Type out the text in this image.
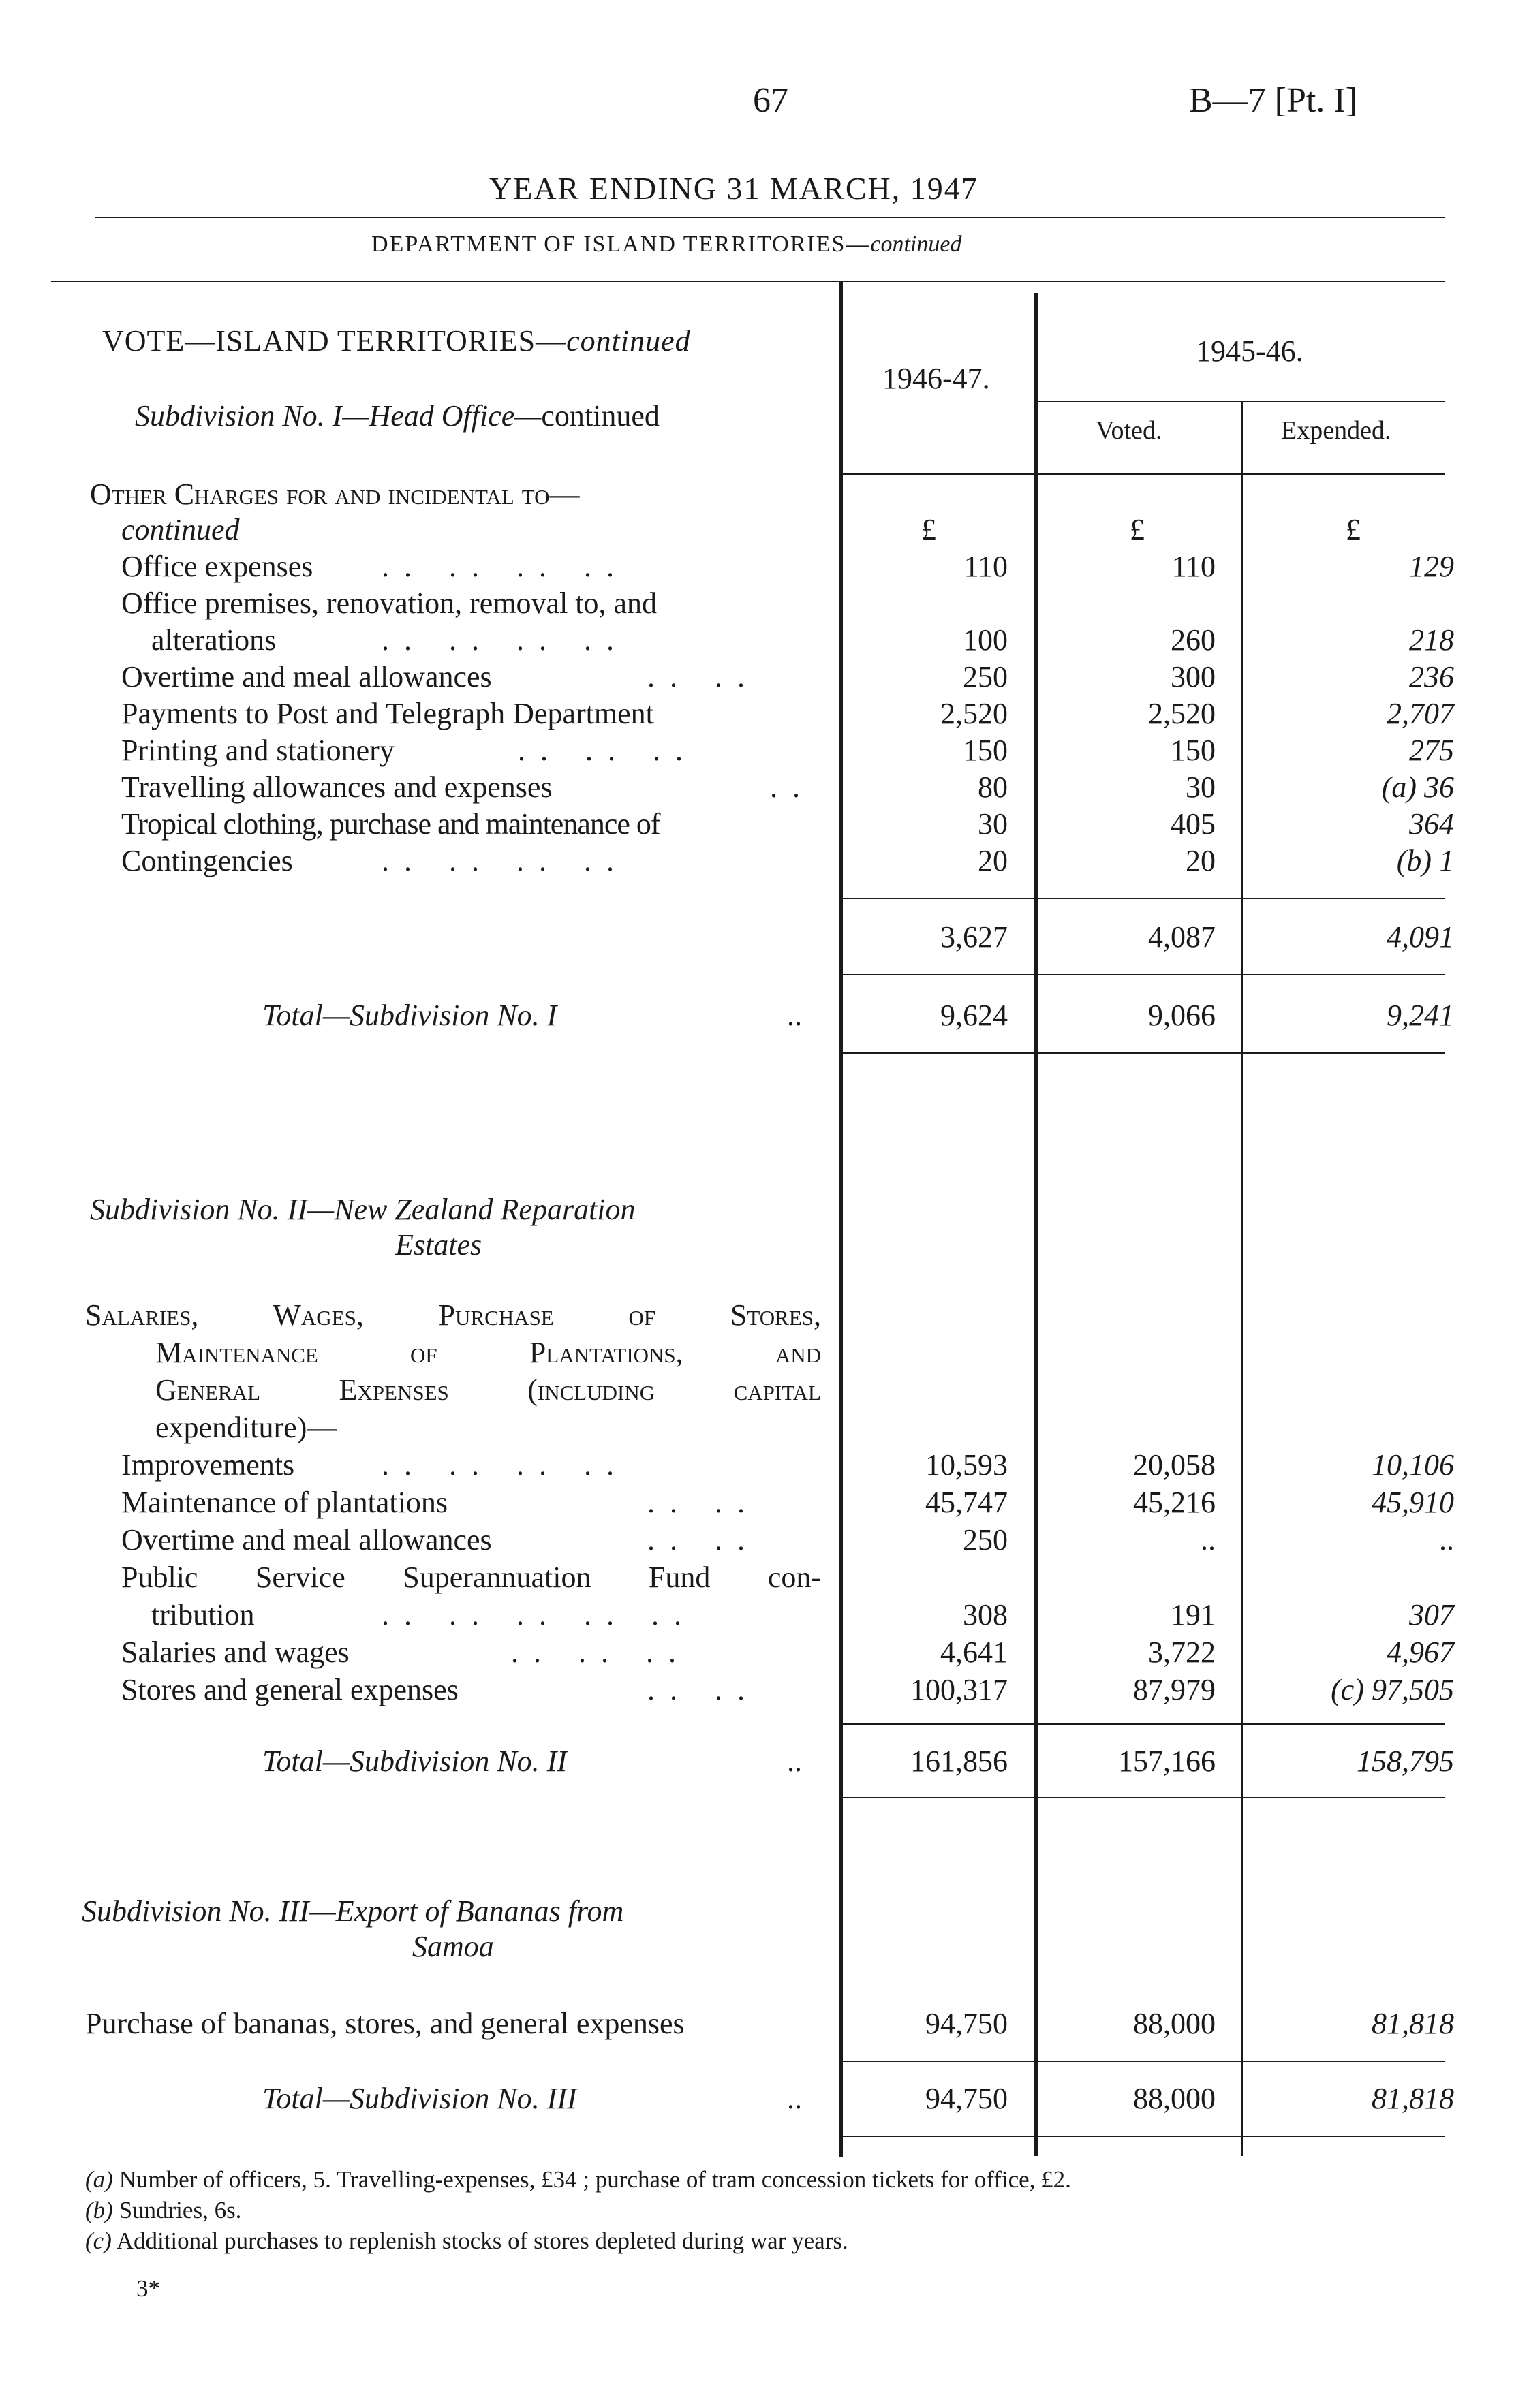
67	B—7 [Pt. I]
YEAR ENDING 31 MARCH, 1947
DEPARTMENT OF ISLAND TERRITORIES—continued
1946-47.
1945-46.
Voted.	Expended.
VOTE—ISLAND TERRITORIES—continued
Subdivision No. I—Head Office—continued
Other Charges for and incidental to—
continued	£	£	£
Office expenses .. .. .. ..	110	110	129
Office premises, renovation, removal to, and
alterations	.. .. .. ..	100	260	218
Overtime and meal allowances	.. ..	250	300	236
Payments to Post and Telegraph Department	2,520	2,520	2,707
Printing and stationery	.. .. ..	150	150	275
Travelling allowances and expenses	..	80	30	(a) 36
Tropical clothing, purchase and maintenance of	30	405	364
Contingencies	.. .. .. ..	20	20	(b) 1
3,627	4,087	4,091
Total—Subdivision No. I	..	9,624	9,066	9,241
Subdivision No. II—New Zealand Reparation
Estates
Salaries, Wages, Purchase of Stores,
Maintenance of Plantations, and
General Expenses (including capital
expenditure)—
Improvements	.. .. .. ..	10,593	20,058	10,106
Maintenance of plantations	.. ..	45,747	45,216	45,910
Overtime and meal allowances	.. ..	250	..	..
Public Service Superannuation Fund con-
tribution	.. .. .. .. ..	308	191	307
Salaries and wages	.. .. ..	4,641	3,722	4,967
Stores and general expenses	.. ..	100,317	87,979	(c) 97,505
Total—Subdivision No. II	..	161,856	157,166	158,795
Subdivision No. III—Export of Bananas from
Samoa
Purchase of bananas, stores, and general expenses	94,750	88,000	81,818
Total—Subdivision No. III	..	94,750	88,000	81,818
(a) Number of officers, 5. Travelling-expenses, £34 ; purchase of tram concession tickets for office, £2.
(b) Sundries, 6s.
(c) Additional purchases to replenish stocks of stores depleted during war years.
3*
